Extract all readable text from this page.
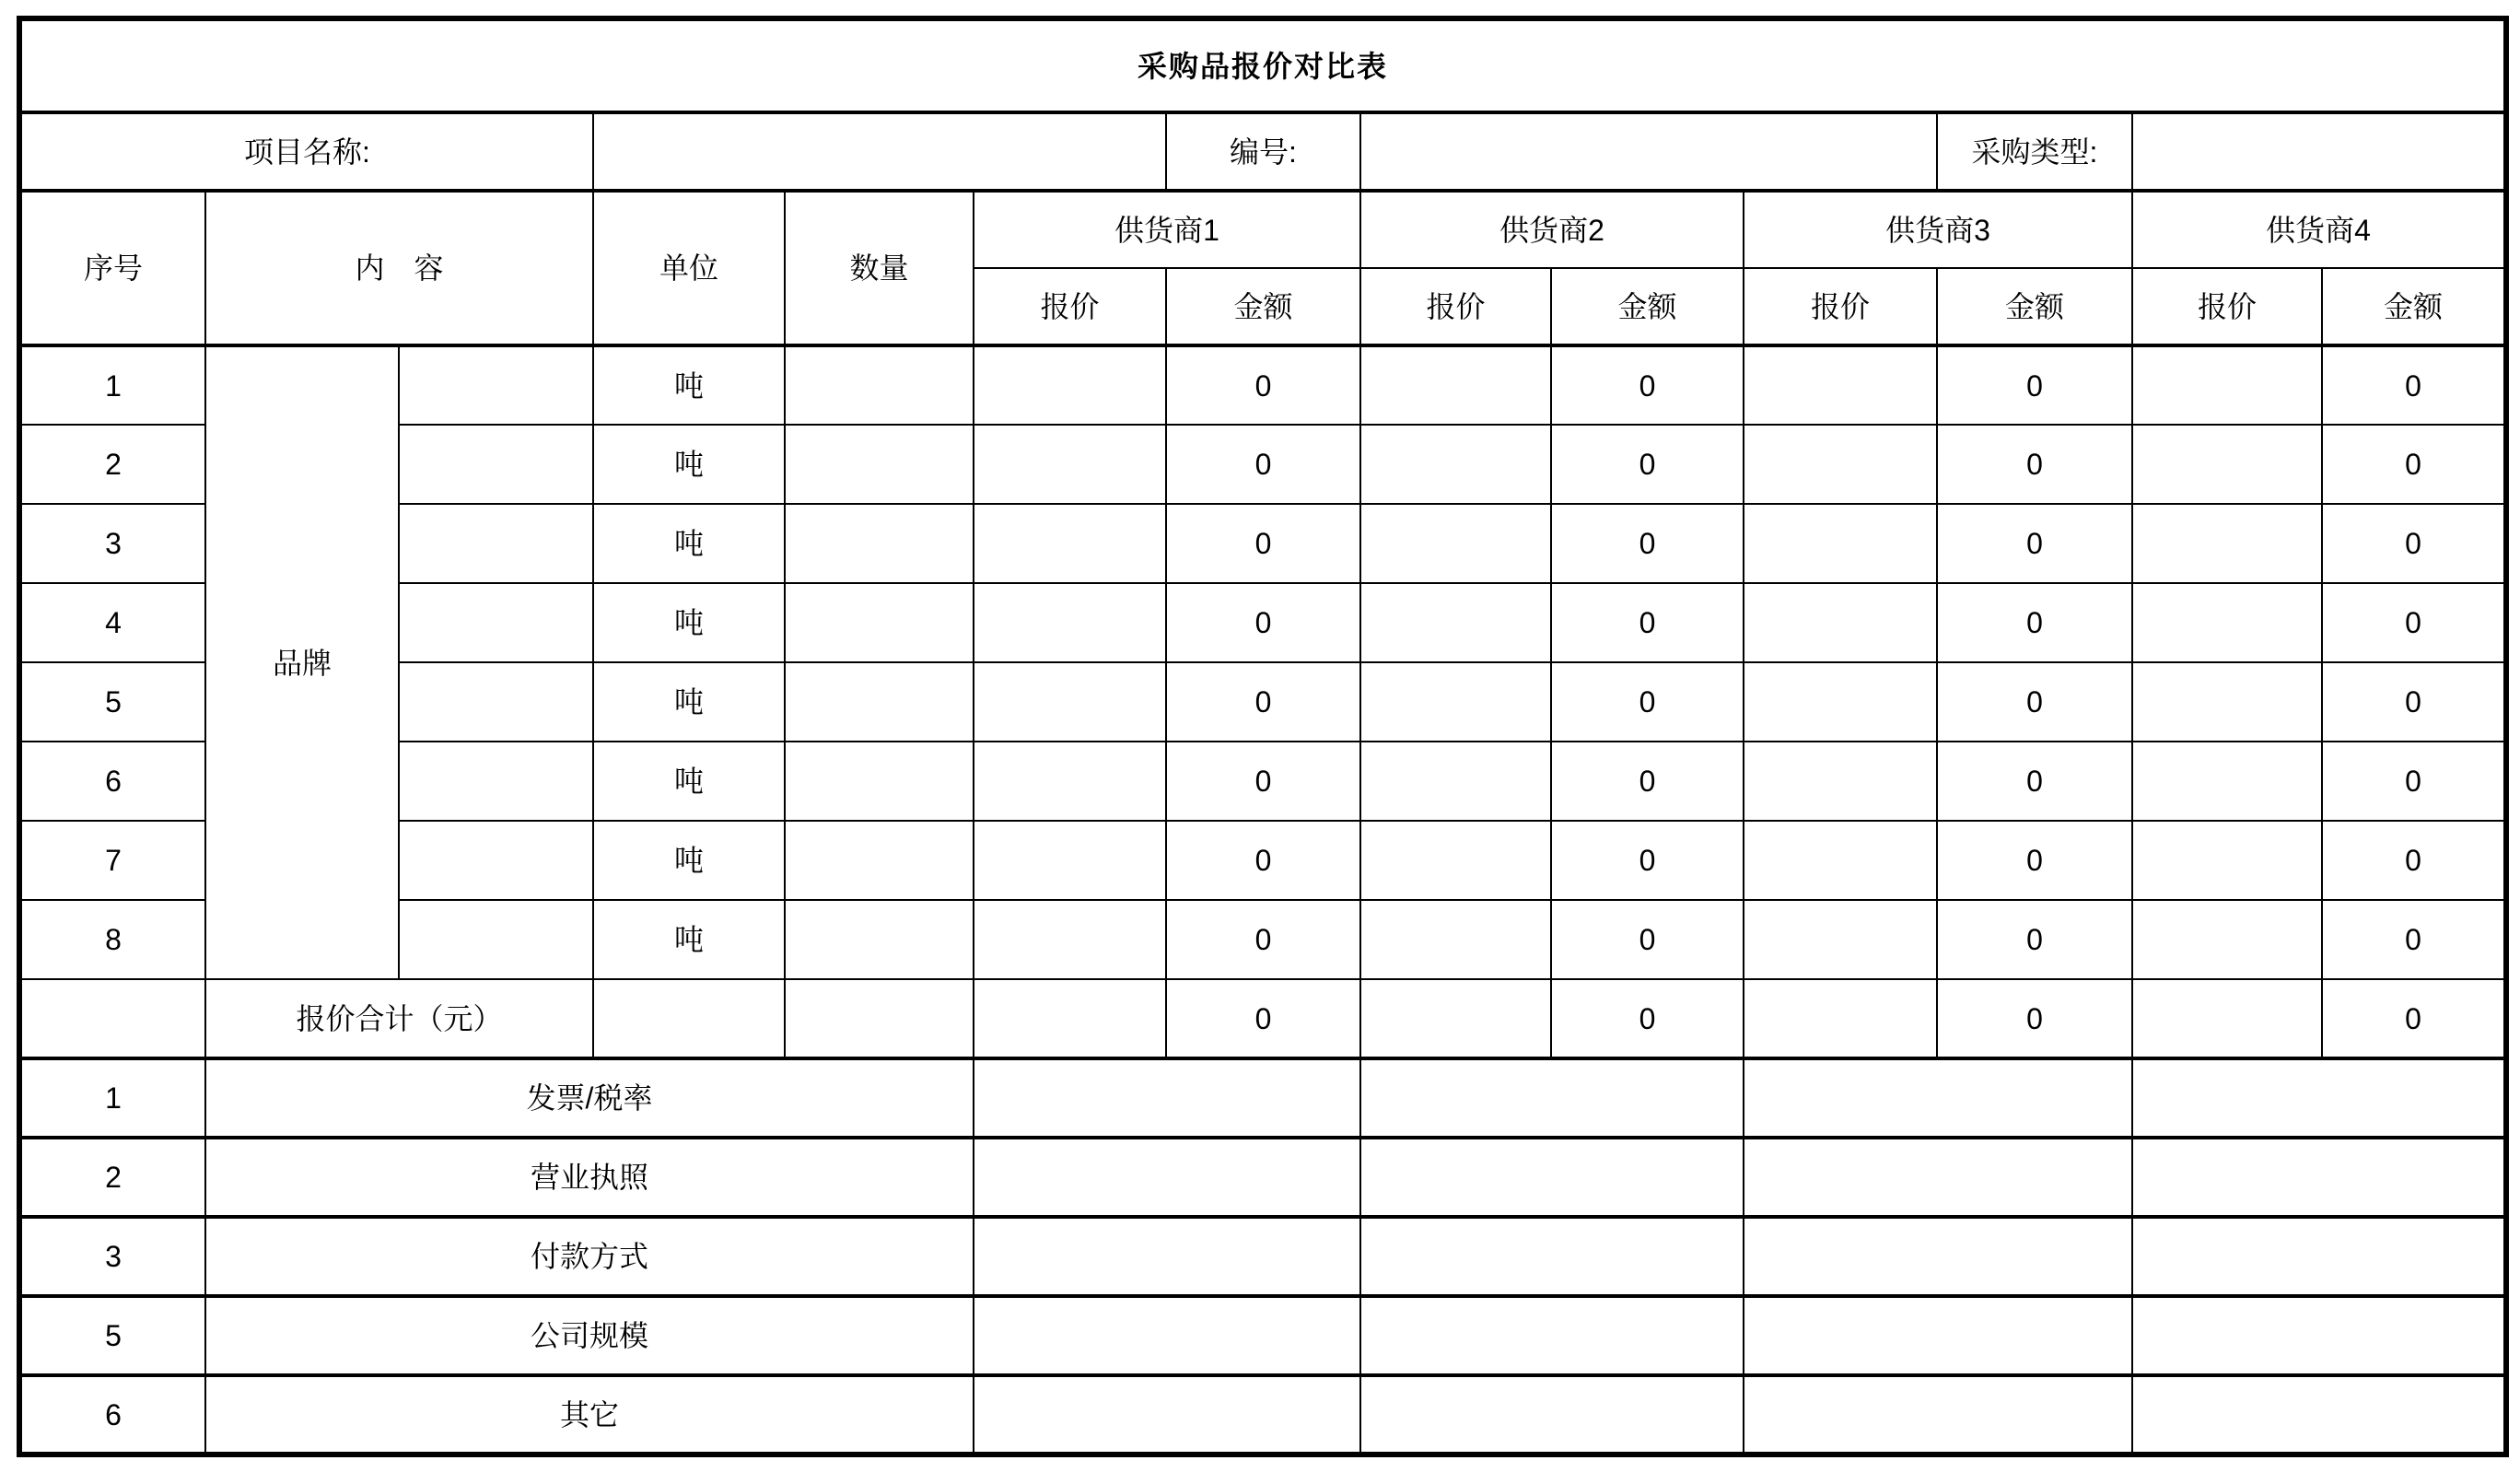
采购品报价对比表												
项目名称:						编号:				采购类型:		
序号	内　容		单位	数量	供货商1		供货商2		供货商3		供货商4	
					报价	金额	报价	金额	报价	金额	报价	金额
1	品牌		吨			0		0		0		0
2			吨			0		0		0		0
3			吨			0		0		0		0
4			吨			0		0		0		0
5			吨			0		0		0		0
6			吨			0		0		0		0
7			吨			0		0		0		0
8			吨			0		0		0		0
	报价合计（元）					0		0		0		0
1	发票/税率											
2	营业执照											
3	付款方式											
5	公司规模											
6	其它											
